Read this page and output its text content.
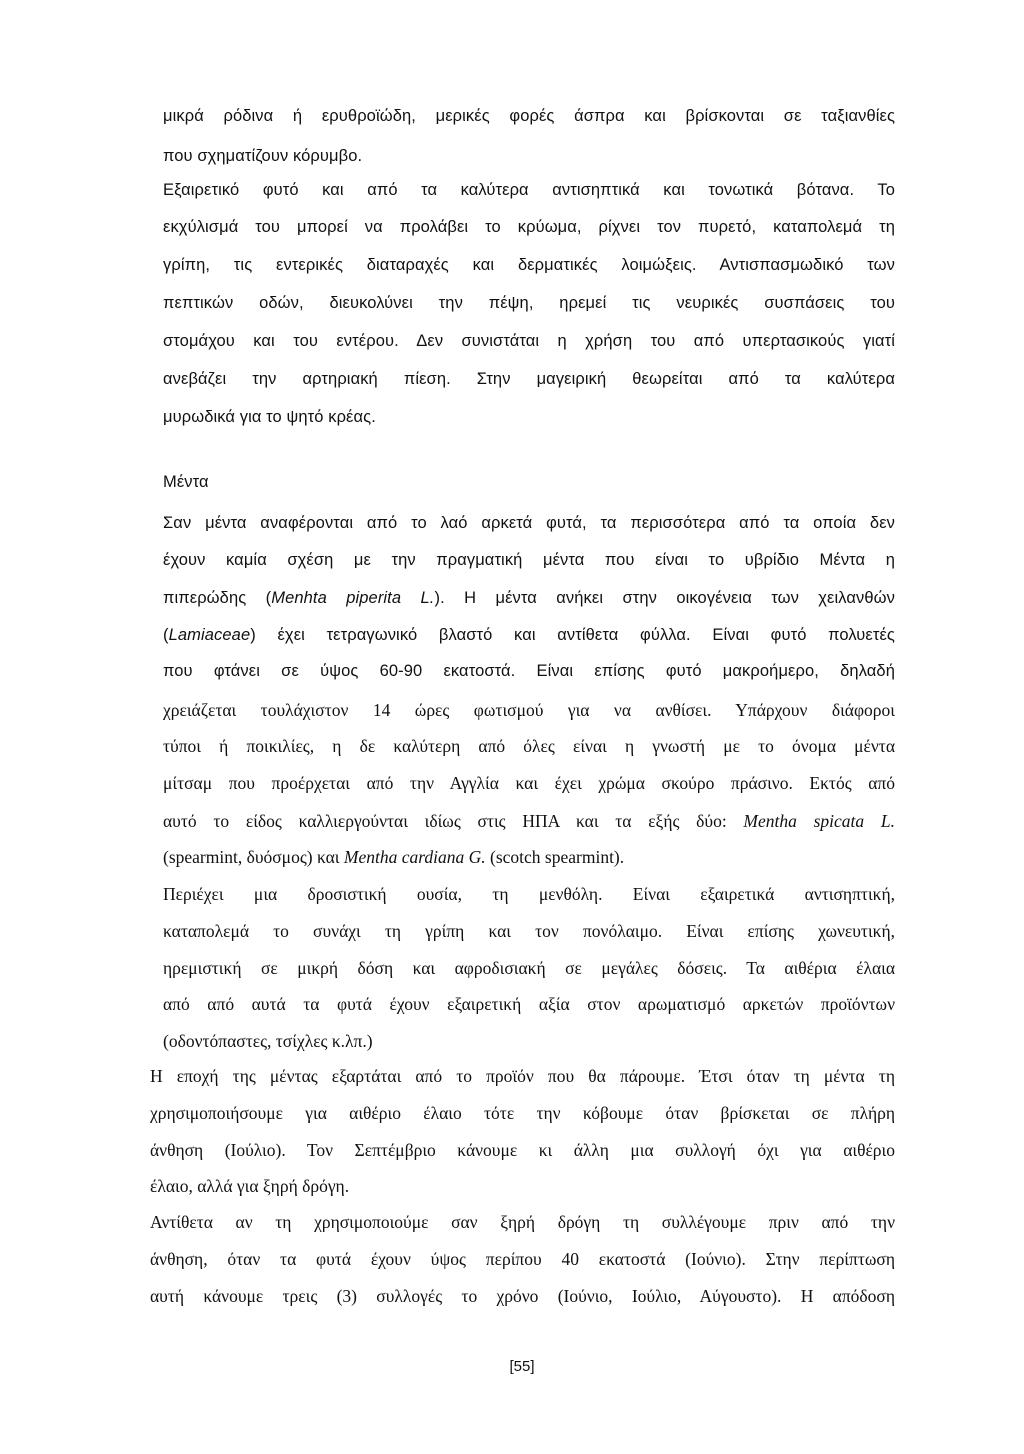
μικρά ρόδινα ή ερυθροϊώδη, μερικές φορές άσπρα και βρίσκονται σε ταξιανθίες

που σχηματίζουν κόρυμβο.

Εξαιρετικό φυτό και από τα καλύτερα αντισηπτικά και τονωτικά βότανα. Το

εκχύλισμά του μπορεί να προλάβει το κρύωμα, ρίχνει τον πυρετό, καταπολεμά τη

γρίπη, τις εντερικές διαταραχές και δερματικές λοιμώξεις. Αντισπασμωδικό των

πεπτικών οδών, διευκολύνει την πέψη, ηρεμεί τις νευρικές συσπάσεις του

στομάχου και του εντέρου. Δεν συνιστάται η χρήση του από υπερτασικούς γιατί

ανεβάζει την αρτηριακή πίεση. Στην μαγειρική θεωρείται από τα καλύτερα

μυρωδικά για το ψητό κρέας.

Μέντα

Σαν μέντα αναφέρονται από το λαό αρκετά φυτά, τα περισσότερα από τα οποία δεν

έχουν καμία σχέση με την πραγματική μέντα που είναι το υβρίδιο Μέντα η

πιπερώδης (Menhta piperita L.). Η μέντα ανήκει στην οικογένεια των χειλανθών

(Lamiaceae) έχει τετραγωνικό βλαστό και αντίθετα φύλλα. Είναι φυτό πολυετές

που φτάνει σε ύψος 60-90 εκατοστά. Είναι επίσης φυτό μακροήμερο, δηλαδή

χρειάζεται τουλάχιστον 14 ώρες φωτισμού για να ανθίσει. Υπάρχουν διάφοροι

τύποι ή ποικιλίες, η δε καλύτερη από όλες είναι η γνωστή με το όνομα μέντα

μίτσαμ που προέρχεται από την Αγγλία και έχει χρώμα σκούρο πράσινο. Εκτός από

αυτό το είδος καλλιεργούνται ιδίως στις ΗΠΑ και τα εξής δύο: Mentha spicata L.

(spearmint, δυόσμος) και Mentha cardiana G. (scotch spearmint).

Περιέχει μια δροσιστική ουσία, τη μενθόλη. Είναι εξαιρετικά αντισηπτική,

καταπολεμά το συνάχι τη γρίπη και τον πονόλαιμο. Είναι επίσης χωνευτική,

ηρεμιστική σε μικρή δόση και αφροδισιακή σε μεγάλες δόσεις. Τα αιθέρια έλαια

από από αυτά τα φυτά έχουν εξαιρετική αξία στον αρωματισμό αρκετών προϊόντων

(οδοντόπαστες, τσίχλες κ.λπ.)

Η εποχή της μέντας εξαρτάται από το προϊόν που θα πάρουμε. Έτσι όταν τη μέντα τη

χρησιμοποιήσουμε για αιθέριο έλαιο τότε την κόβουμε όταν βρίσκεται σε πλήρη

άνθηση (Ιούλιο). Τον Σεπτέμβριο κάνουμε κι άλλη μια συλλογή όχι για αιθέριο

έλαιο, αλλά για ξηρή δρόγη.

Αντίθετα αν τη χρησιμοποιούμε σαν ξηρή δρόγη τη συλλέγουμε πριν από την

άνθηση, όταν τα φυτά έχουν ύψος περίπου 40 εκατοστά (Ιούνιο). Στην περίπτωση

αυτή κάνουμε τρεις (3) συλλογές το χρόνο (Ιούνιο, Ιούλιο, Αύγουστο). Η απόδοση

[55]
